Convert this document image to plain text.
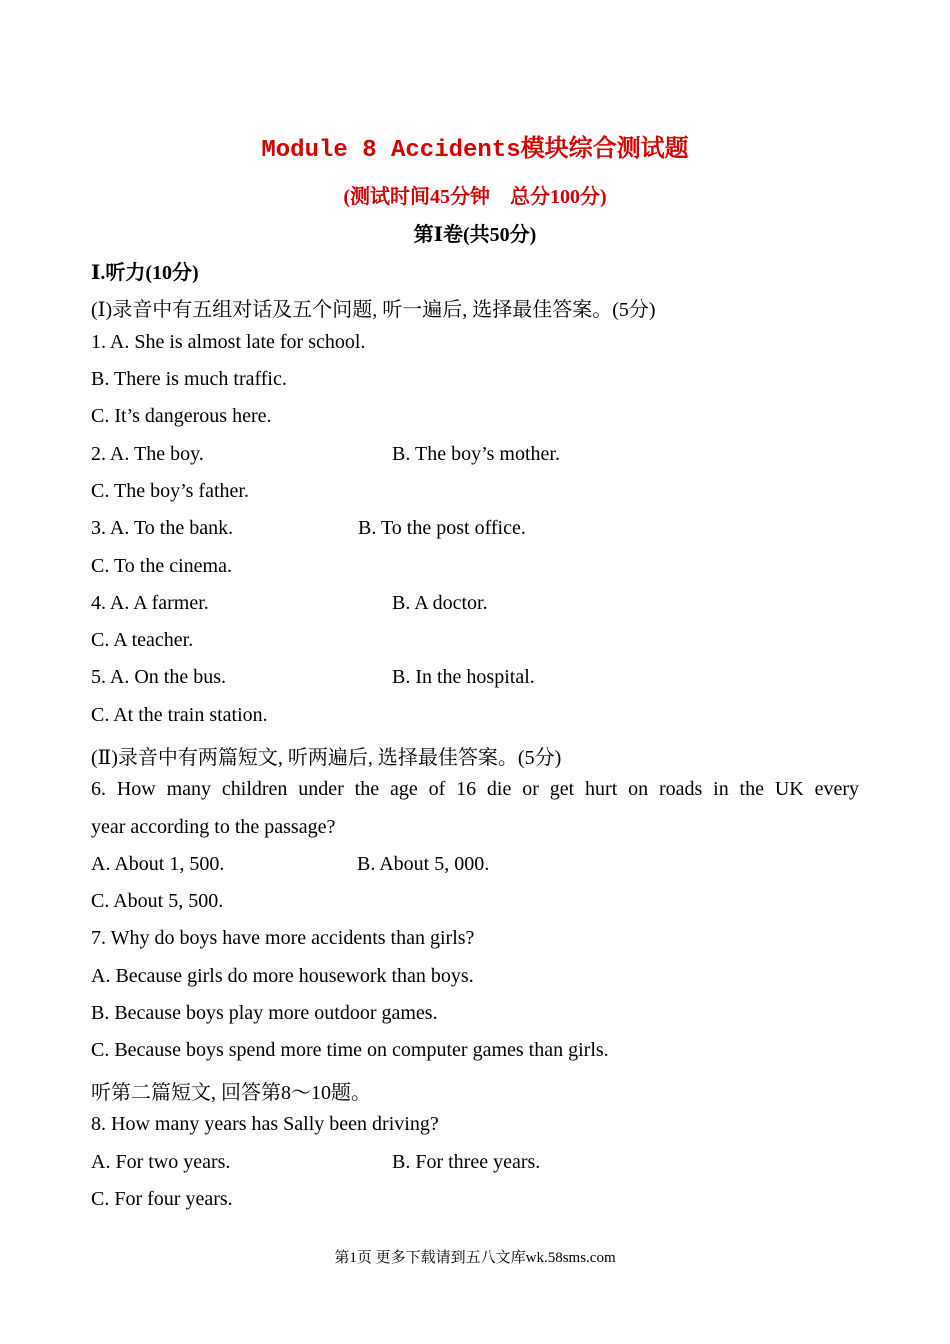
Module 8 Accidents模块综合测试题
(测试时间45分钟　总分100分)
第Ⅰ卷(共50分)
Ⅰ.听力(10分)
(Ⅰ)录音中有五组对话及五个问题, 听一遍后, 选择最佳答案。(5分)
1. A. She is almost late for school.
B. There is much traffic.
C. It’s dangerous here.
2. A. The boy.	B. The boy’s mother.
C. The boy’s father.
3. A. To the bank.	B. To the post office.
C. To the cinema.
4. A. A farmer.	B. A doctor.
C. A teacher.
5. A. On the bus.	B. In the hospital.
C. At the train station.
(Ⅱ)录音中有两篇短文, 听两遍后, 选择最佳答案。(5分)
6. How many children under the age of 16 die or get hurt on roads in the UK every
year according to the passage?
A. About 1, 500.	B. About 5, 000.
C. About 5, 500.
7. Why do boys have more accidents than girls?
A. Because girls do more housework than boys.
B. Because boys play more outdoor games.
C. Because boys spend more time on computer games than girls.
听第二篇短文, 回答第8～10题。
8. How many years has Sally been driving?
A. For two years.	B. For three years.
C. For four years.
第1页 更多下载请到五八文库wk.58sms.com
